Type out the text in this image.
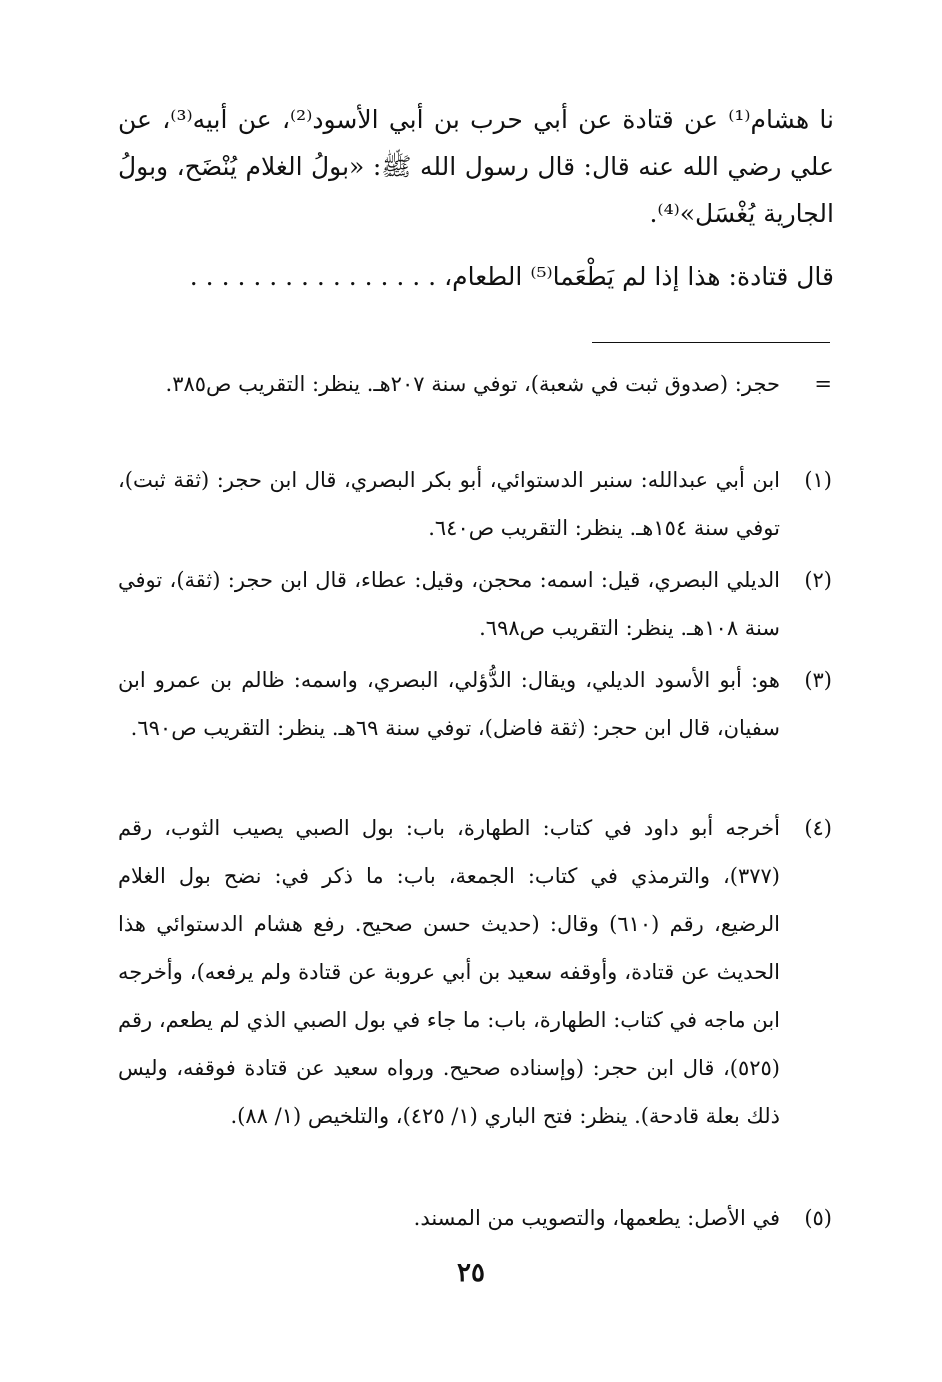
نا هشام⁽¹⁾ عن قتادة عن أبي حرب بن أبي الأسود⁽²⁾، عن أبيه⁽³⁾، عن علي رضي الله عنه قال: قال رسول الله ﷺ: «بولُ الغلام يُنْضَح، وبولُ الجارية يُغْسَل»⁽⁴⁾.

قال قتادة: هذا إذا لم يَطْعَما⁽⁵⁾ الطعام، . . . . . . . . . . . . . . . .

=
حجر: (صدوق ثبت في شعبة)، توفي سنة ٢٠٧هـ. ينظر: التقريب ص٣٨٥.
(١)
ابن أبي عبدالله: سنبر الدستوائي، أبو بكر البصري، قال ابن حجر: (ثقة ثبت)، توفي سنة ١٥٤هـ. ينظر: التقريب ص٦٤٠.
(٢)
الديلي البصري، قيل: اسمه: محجن، وقيل: عطاء، قال ابن حجر: (ثقة)، توفي سنة ١٠٨هـ. ينظر: التقريب ص٦٩٨.
(٣)
هو: أبو الأسود الديلي، ويقال: الدُّؤلي، البصري، واسمه: ظالم بن عمرو ابن سفيان، قال ابن حجر: (ثقة فاضل)، توفي سنة ٦٩هـ. ينظر: التقريب ص٦٩٠.
(٤)
أخرجه أبو داود في كتاب: الطهارة، باب: بول الصبي يصيب الثوب، رقم (٣٧٧)، والترمذي في كتاب: الجمعة، باب: ما ذكر في: نضح بول الغلام الرضيع، رقم (٦١٠) وقال: (حديث حسن صحيح. رفع هشام الدستوائي هذا الحديث عن قتادة، وأوقفه سعيد بن أبي عروبة عن قتادة ولم يرفعه)، وأخرجه ابن ماجه في كتاب: الطهارة، باب: ما جاء في بول الصبي الذي لم يطعم، رقم (٥٢٥)، قال ابن حجر: (وإسناده صحيح. ورواه سعيد عن قتادة فوقفه، وليس ذلك بعلة قادحة). ينظر: فتح الباري (١/ ٤٢٥)، والتلخيص (١/ ٨٨).
(٥)
في الأصل: يطعمها، والتصويب من المسند.
٢٥
